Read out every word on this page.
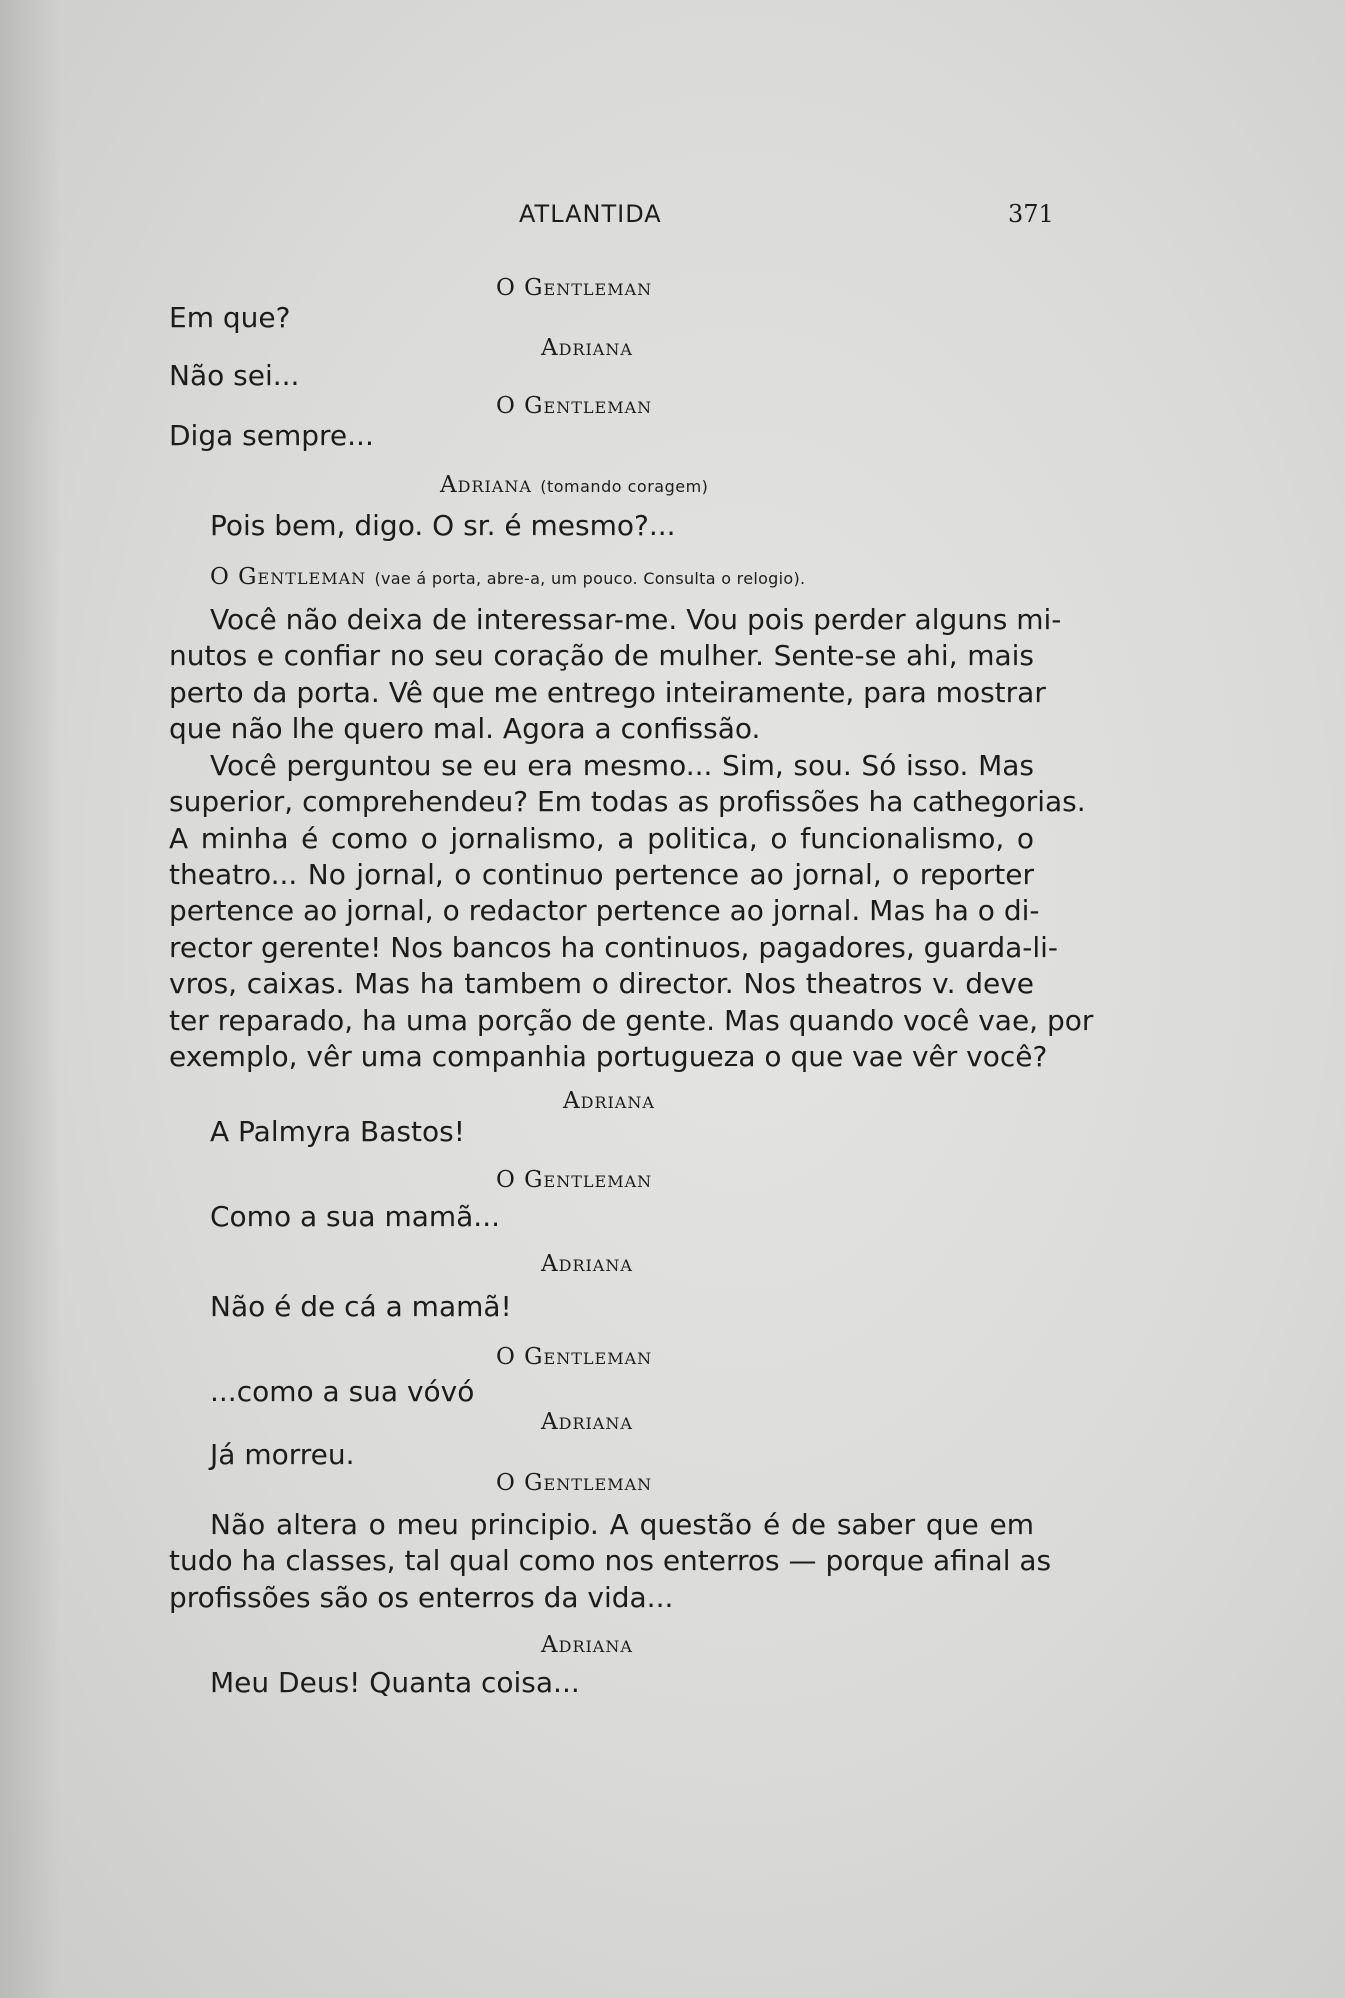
ATLANTIDA	371
O Gentleman
Em que?
Adriana
Não sei...
O Gentleman
Diga sempre...
Adriana (tomando coragem)
Pois bem, digo. O sr. é mesmo?...
O Gentleman (vae á porta, abre-a, um pouco. Consulta o relogio).
Você não deixa de interessar-me. Vou pois perder alguns mi-
nutos e confiar no seu coração de mulher. Sente-se ahi, mais
perto da porta. Vê que me entrego inteiramente, para mostrar
que não lhe quero mal. Agora a confissão.
Você perguntou se eu era mesmo... Sim, sou. Só isso. Mas
superior, comprehendeu? Em todas as profissões ha cathegorias.
A minha é como o jornalismo, a politica, o funcionalismo, o
theatro... No jornal, o continuo pertence ao jornal, o reporter
pertence ao jornal, o redactor pertence ao jornal. Mas ha o di-
rector gerente! Nos bancos ha continuos, pagadores, guarda-li-
vros, caixas. Mas ha tambem o director. Nos theatros v. deve
ter reparado, ha uma porção de gente. Mas quando você vae, por
exemplo, vêr uma companhia portugueza o que vae vêr você?
Adriana
A Palmyra Bastos!
O Gentleman
Como a sua mamã...
Adriana
Não é de cá a mamã!
O Gentleman
...como a sua vóvó
Adriana
Já morreu.
O Gentleman
Não altera o meu principio. A questão é de saber que em
tudo ha classes, tal qual como nos enterros — porque afinal as
profissões são os enterros da vida...
Adriana
Meu Deus! Quanta coisa...
